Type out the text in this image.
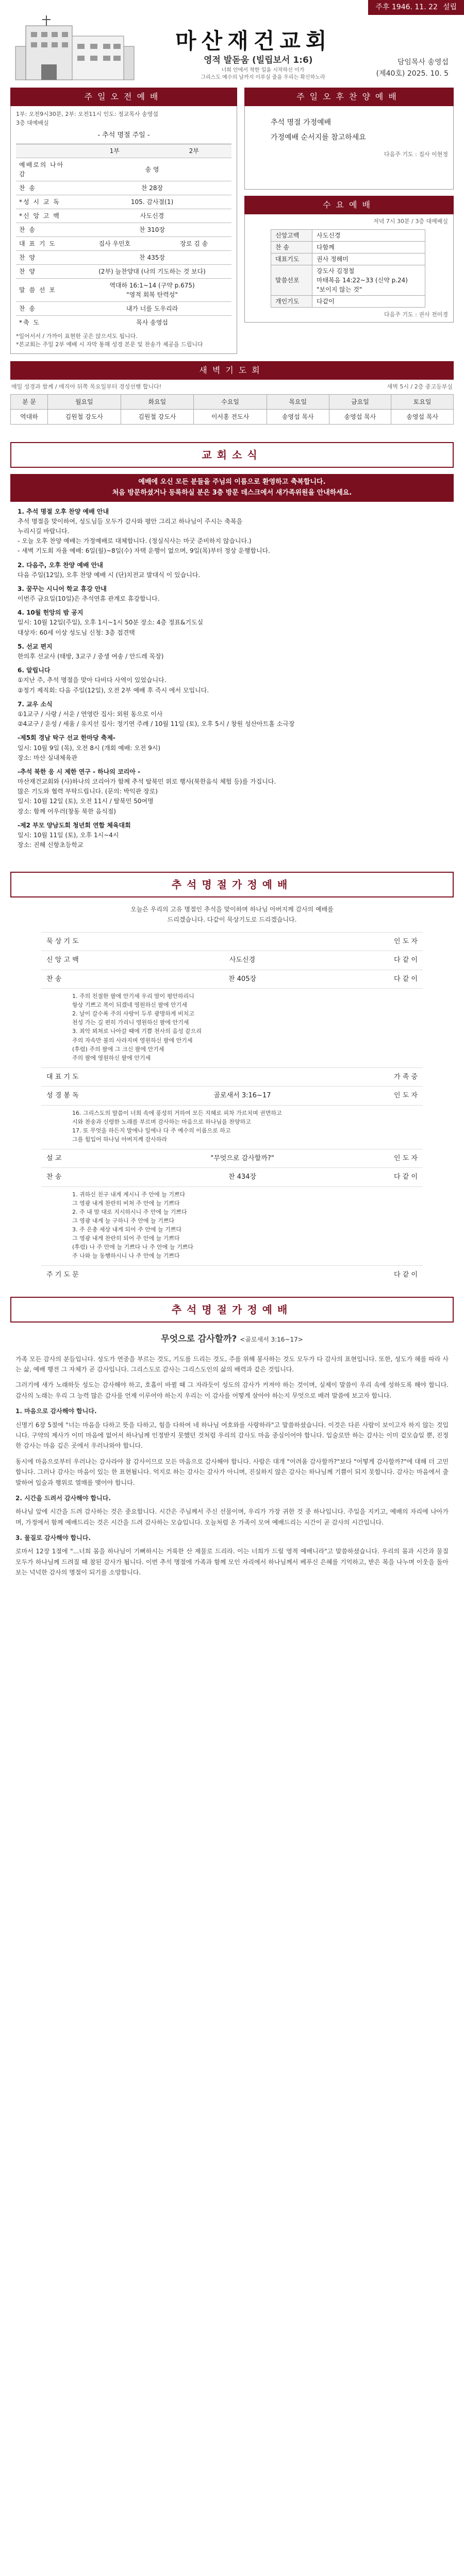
주후 1946. 11. 22 설립
마산재건교회
영적 발돋움 (빌립보서 1:6)
너희 안에서 착한 일을 시작하신 이가
그리스도 예수의 날까지 이루실 줄을 우리는 확신하노라
담임목사 송영섭
(제40호) 2025. 10. 5
주일오전예배
1부: 오전9시30분, 2부: 오전11시 인도: 정교목사 송영섭
3층 대예배실
- 추석 명절 주일 -
	1부	2부
예배로의 나아감	송 영	
찬 송	찬 28장	
*성 시 교 독	105. 감사절(1)	
*신 앙 고 백	사도신경	
찬 송	찬 310장	
대 표 기 도	집사 우민호	장로 김 송
찬 양	찬 435장	
찬 양	(2부) 늘찬양대 (나의 기도하는 것 보다)	
말 씀 선 포	역대하 16:1~14 (구약 p.675)
"영적 회복 탄력성"	
찬 송	내가 너를 도우리라	
*축 도	목사 송영섭	
*일어서서 / 가까이 표현한 곳은 앉으셔도 됩니다.
*본교회는 주일 2부 예배 시 자막 통해 성경 본문 및 찬송가 제공을 드립니다
주일오후찬양예배
추석 명절 가정예배
가정예배 순서지를 참고하세요
다음주 기도 : 집사 이현정
수요예배
저녁 7시 30분 / 3층 대예배실
신앙고백	사도신경
찬 송	다함께
대표기도	권사 정해미
말씀선포	강도사 김정철
마태복음 14:22~33 (신약 p.24)
"보이지 않는 것"
개인기도	다같이
다음주 기도 : 권사 전미경
새벽기도회
매일 성경과 함께 / 매직아 뒤쪽 목요일부터 경성선행 합니다!	새벽 5시 / 2층 중고등부실
분 문	월요일	화요일	수요일	목요일	금요일	토요일
역대하	김원철 강도사	김원철 강도사	이서홍 전도사	송영섭 목사	송영섭 목사	송영섭 목사
교회소식
예배에 오신 모든 분들을 주님의 이름으로 환영하고 축복합니다.
처음 방문하셨거나 등록하실 분은 3층 방문 데스크에서 새가족위원을 안내하세요.
1. 추석 명절 오후 찬양 예배 안내
추석 명절을 맞이하여, 성도님들 모두가 감사와 평안 그리고 하나님이 주시는 축복을
누리시길 바랍니다.
- 오늘 오후 찬양 예배는 가정예배로 대체합니다. (정실식사는 마굿 준비하지 않습니다.)
- 새벽 기도회 자율 예배: 6일(월)~8일(수) 자택 운행이 없으며, 9일(목)부터 정상 운행합니다.
2. 다음주, 오후 찬양 예배 안내
다음 주일(12일), 오후 찬양 예배 시 (단)치전교 발대식 이 있습니다.
3. 꿈꾸는 시니어 학교 휴강 안내
이번주 금요일(10일)은 추석연휴 관계로 휴강합니다.
4. 10월 헌앙의 밤 공지
일시: 10월 12일(주일), 오후 1시~1시 50분 장소: 4층 정표&기도실
대상자: 60세 이상 성도님 신청: 3층 접견택
5. 선교 편지
한의후 선교사 (태방, 3교구 / 중생 여송 / 안드레 목장)
6. 알립니다
①지난 주, 추석 명절을 맞아 다비다 사역이 있었습니다.
②정기 제직회: 다음 주일(12일), 오전 2부 예배 후 즉시 에서 모입니다.
7. 교우 소식
①1교구 / 사랑 / 서운 / 연영란 집사: 외원 동으로 이사
②4교구 / 운성 / 세움 / 유지선 집사: 정기연 주례 / 10월 11일 (토), 오후 5시 / 창원 성산아트홀 소극장
-제5회 경남 탁구 선교 한마당 축제-
일시: 10월 9일 (목), 오전 8시 (개회 예배: 오전 9시)
장소: 마산 실내체육관
-추석 북한 응 시 제한 연구 - 하나의 코리아 -
마산재건교회와 (사)하나의 코리아가 함께 추석 탈북민 위로 행사(북한음식 체험 등)를 가집니다.
많은 기도와 협력 부탁드립니다. (문의: 박익관 장로)
일시: 10월 12일 (토), 오전 11시 / 탈북민 50여명
장소: 함께 어우러(창동 북한 음식점)
-제2 부모 양남도회 청년회 연합 체육대회
일시: 10월 11일 (토), 오후 1시~4시
장소: 진해 신항초등학교
추석명절가정예배
오늘은 우리의 고유 명절인 추석을 맞이하며 하나님 아버지께 감사의 예배를
드리겠습니다. 다같이 묵상기도로 드리겠습니다.
묵 상 기 도	인 도 자
신 앙 고 백	사도신경	다 같 이
찬 송	찬 405장	다 같 이
1. 주의 친절한 팔에 안기세 우리 맘이 평안하리니
항상 기쁘고 복이 되겠네 영원하신 팔에 안기세
2. 날이 갈수록 주의 사랑이 두루 광명하게 비치고
천성 가는 길 편히 가리니 영원하신 팔에 안기세
3. 죄악 뵈쳐로 나아갈 때에 기쁨 천사의 음성 같으리
주의 자속만 불의 사라지며 영원하신 팔에 안기세
(후렴) 주의 팔에 그 크신 팔에 안기세
주의 팔에 영원하신 팔에 안기세
대 표 기 도	가 족 중
성 경 봉 독	골로새서 3:16~17	인 도 자
16. 그리스도의 말씀이 너희 속에 풍성히 거하여 모든 지혜로 피차 가르치며 권면하고
시와 찬송과 신령한 노래를 부르며 감사하는 마음으로 하나님을 찬양하고
17. 또 무엇을 하든지 말에나 일에나 다 주 예수의 이름으로 하고
그를 힘입어 하나님 아버지께 감사하라
설 교	"무엇으로 감사할까?"	인 도 자
찬 송	찬 434장	다 같 이
1. 귀하신 친구 내게 계시니 주 안에 늘 기쁘다
그 영광 내게 찬란히 비쳐 주 안에 늘 기쁘다
2. 주 내 맘 대로 지시하시니 주 안에 늘 기쁘다
그 영광 내게 늘 구하니 주 안에 늘 기쁘다
3. 주 은총 세상 내게 되어 주 안에 늘 기쁘다
그 영광 내게 찬란히 되어 주 안에 늘 기쁘다
(후렴) 나 주 안에 늘 기쁘다 나 주 안에 늘 기쁘다
주 나와 늘 동행하시니 나 주 안에 늘 기쁘다
주 기 도 문	다 같 이
추석명절가정예배
무엇으로 감사할까? <골로새서 3:16~17>

가족 모든 감사의 분들입니다. 성도가 연중을 부르는 것도, 기도를 드리는 것도, 주를 위해 봉사하는 것도 모두가 다 감사의 표현입니다. 또한, 성도가 헤를 따라 사는 삶, 예배 행전 그 자체가 곧 감사입니다. 그리스도로 감사는 그리스도인의 삶의 배력과 같은 것입니다.

그러기에 새가 노래하듯 성도는 감사해야 하고, 호흡이 바뀔 때 그 자라듯이 성도의 감사가 커져야 하는 것이며, 실제이 말씀이 우리 속에 성하도록 해야 합니다. 감사의 노래는 우리 그 능력 많은 감사를 언제 이루어야 하는지 우리는 이 감사를 어떻게 살아야 하는지 무엇으로 배려 말씀에 보고자 합니다.

1. 마음으로 감사해야 합니다.

신명기 6장 5절에 "너는 마음을 다하고 뜻을 다하고, 힘을 다하여 네 하나님 여호와를 사랑하라"고 말씀하셨습니다. 이것은 다른 사람이 보이고자 하지 않는 것입니다. 구약의 제사가 이미 마음에 없어서 하나님께 인정받지 못했던 것처럼 우리의 감사도 마음 중심이어야 합니다. 입술로만 하는 감사는 이미 겉모습일 뿐, 진정한 감사는 마음 깊은 곳에서 우러나와야 합니다.

동시에 마음으로부터 우러나는 감사라야 참 감사이므로 모든 마음으로 감사해야 합니다. 사람은 대개 "어려움 감사할까?"보다 "어떻게 감사할까?"에 대해 더 고민합니다. 그러나 감사는 마음이 있는 한 표현됩니다. 억지로 하는 감사는 감사가 아니며, 진실하지 않은 감사는 하나님께 기쁨이 되지 못합니다. 감사는 마음에서 출발하여 입술과 행위로 열매를 맺어야 합니다.

2. 시간을 드려서 감사해야 합니다.

하나님 앞에 시간을 드려 감사하는 것은 중요합니다. 시간은 주님께서 주신 선물이며, 우리가 가장 귀한 것 중 하나입니다. 주일을 지키고, 예배의 자리에 나아가며, 가정에서 함께 예배드리는 것은 시간을 드려 감사하는 모습입니다. 오늘처럼 온 가족이 모여 예배드리는 시간이 곧 감사의 시간입니다.

3. 물질로 감사해야 합니다.

로마서 12장 1절에 "...너희 몸을 하나님이 기뻐하시는 거룩한 산 제물로 드리라. 이는 너희가 드릴 영적 예배니라"고 말씀하셨습니다. 우리의 몸과 시간과 물질 모두가 하나님께 드려질 때 참된 감사가 됩니다. 이번 추석 명절에 가족과 함께 모인 자리에서 하나님께서 베푸신 은혜를 기억하고, 받은 복을 나누며 이웃을 돌아보는 넉넉한 감사의 명절이 되기를 소망합니다.
